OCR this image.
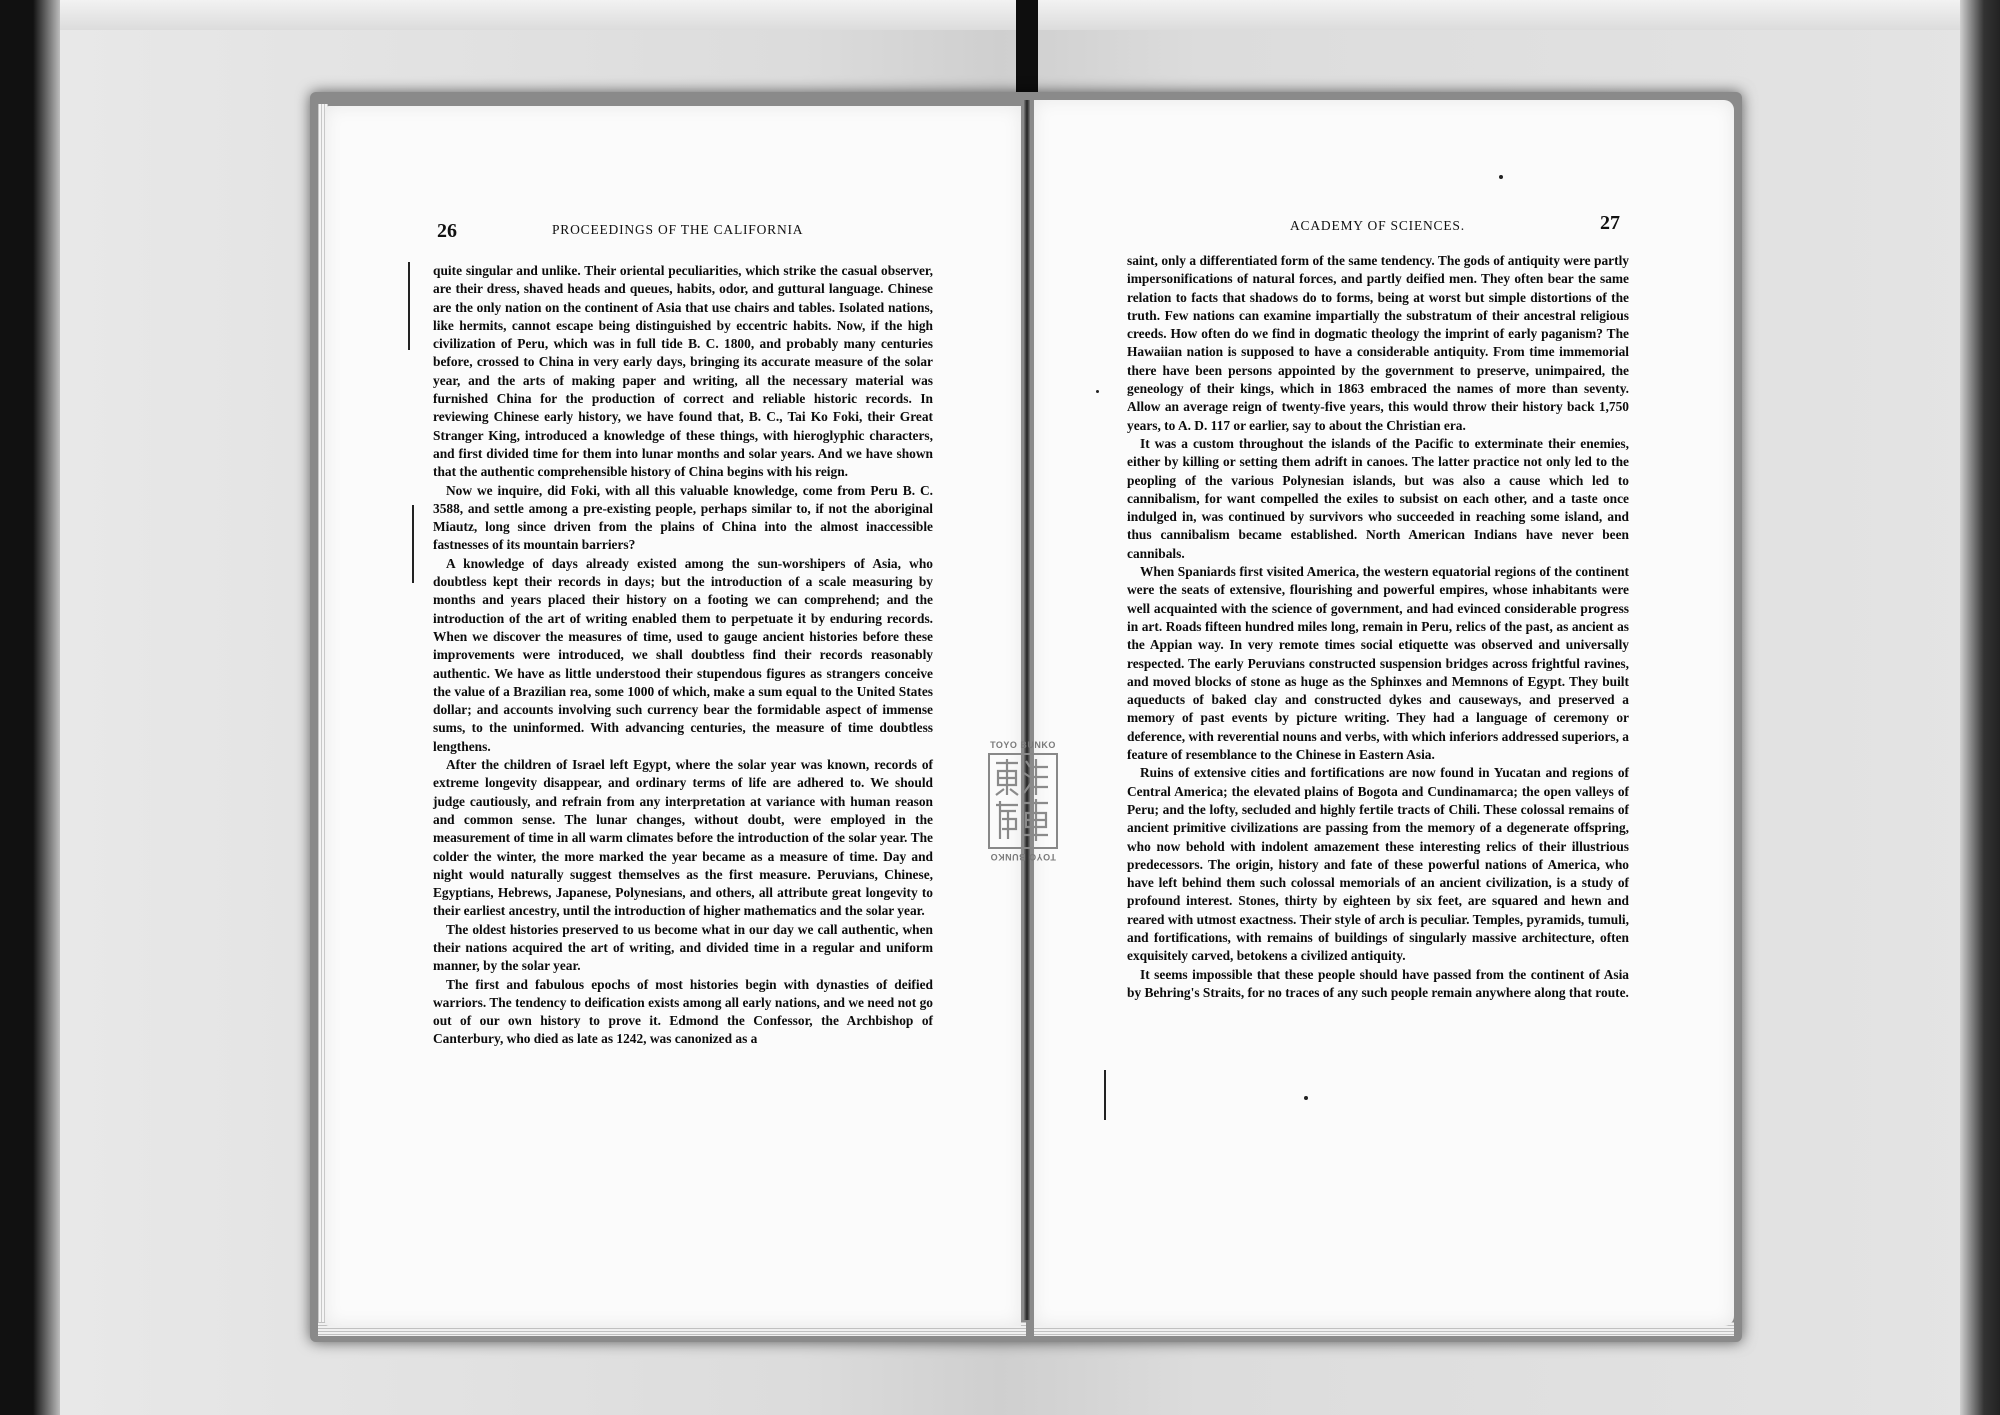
26	PROCEEDINGS OF THE CALIFORNIA	ACADEMY OF SCIENCES.	27

quite singular and unlike. Their oriental peculiarities, which strike the casual observer, are their dress, shaved heads and queues, habits, odor, and guttural language. Chinese are the only nation on the continent of Asia that use chairs and tables. Isolated nations, like hermits, cannot escape being distinguished by eccentric habits. Now, if the high civilization of Peru, which was in full tide B. C. 1800, and probably many centuries before, crossed to China in very early days, bringing its accurate measure of the solar year, and the arts of making paper and writing, all the necessary material was furnished China for the production of correct and reliable historic records. In reviewing Chinese early history, we have found that, B. C., Tai Ko Foki, their Great Stranger King, introduced a knowledge of these things, with hieroglyphic characters, and first divided time for them into lunar months and solar years. And we have shown that the authentic comprehensible history of China begins with his reign.

Now we inquire, did Foki, with all this valuable knowledge, come from Peru B. C. 3588, and settle among a pre-existing people, perhaps similar to, if not the aboriginal Miautz, long since driven from the plains of China into the almost inaccessible fastnesses of its mountain barriers?

A knowledge of days already existed among the sun-worshipers of Asia, who doubtless kept their records in days; but the introduction of a scale measuring by months and years placed their history on a footing we can comprehend; and the introduction of the art of writing enabled them to perpetuate it by enduring records. When we discover the measures of time, used to gauge ancient histories before these improvements were introduced, we shall doubtless find their records reasonably authentic. We have as little understood their stupendous figures as strangers conceive the value of a Brazilian rea, some 1000 of which, make a sum equal to the United States dollar; and accounts involving such currency bear the formidable aspect of immense sums, to the uninformed. With advancing centuries, the measure of time doubtless lengthens.

After the children of Israel left Egypt, where the solar year was known, records of extreme longevity disappear, and ordinary terms of life are adhered to. We should judge cautiously, and refrain from any interpretation at variance with human reason and common sense. The lunar changes, without doubt, were employed in the measurement of time in all warm climates before the introduction of the solar year. The colder the winter, the more marked the year became as a measure of time. Day and night would naturally suggest themselves as the first measure. Peruvians, Chinese, Egyptians, Hebrews, Japanese, Polynesians, and others, all attribute great longevity to their earliest ancestry, until the introduction of higher mathematics and the solar year.

The oldest histories preserved to us become what in our day we call authentic, when their nations acquired the art of writing, and divided time in a regular and uniform manner, by the solar year.

The first and fabulous epochs of most histories begin with dynasties of deified warriors. The tendency to deification exists among all early nations, and we need not go out of our own history to prove it. Edmond the Confessor, the Archbishop of Canterbury, who died as late as 1242, was canonized as a

saint, only a differentiated form of the same tendency. The gods of antiquity were partly impersonifications of natural forces, and partly deified men. They often bear the same relation to facts that shadows do to forms, being at worst but simple distortions of the truth. Few nations can examine impartially the substratum of their ancestral religious creeds. How often do we find in dogmatic theology the imprint of early paganism? The Hawaiian nation is supposed to have a considerable antiquity. From time immemorial there have been persons appointed by the government to preserve, unimpaired, the geneology of their kings, which in 1863 embraced the names of more than seventy. Allow an average reign of twenty-five years, this would throw their history back 1,750 years, to A. D. 117 or earlier, say to about the Christian era.

It was a custom throughout the islands of the Pacific to exterminate their enemies, either by killing or setting them adrift in canoes. The latter practice not only led to the peopling of the various Polynesian islands, but was also a cause which led to cannibalism, for want compelled the exiles to subsist on each other, and a taste once indulged in, was continued by survivors who succeeded in reaching some island, and thus cannibalism became established. North American Indians have never been cannibals.

When Spaniards first visited America, the western equatorial regions of the continent were the seats of extensive, flourishing and powerful empires, whose inhabitants were well acquainted with the science of government, and had evinced considerable progress in art. Roads fifteen hundred miles long, remain in Peru, relics of the past, as ancient as the Appian way. In very remote times social etiquette was observed and universally respected. The early Peruvians constructed suspension bridges across frightful ravines, and moved blocks of stone as huge as the Sphinxes and Memnons of Egypt. They built aqueducts of baked clay and constructed dykes and causeways, and preserved a memory of past events by picture writing. They had a language of ceremony or deference, with reverential nouns and verbs, with which inferiors addressed superiors, a feature of resemblance to the Chinese in Eastern Asia.

Ruins of extensive cities and fortifications are now found in Yucatan and regions of Central America; the elevated plains of Bogota and Cundinamarca; the open valleys of Peru; and the lofty, secluded and highly fertile tracts of Chili. These colossal remains of ancient primitive civilizations are passing from the memory of a degenerate offspring, who now behold with indolent amazement these interesting relics of their illustrious predecessors. The origin, history and fate of these powerful nations of America, who have left behind them such colossal memorials of an ancient civilization, is a study of profound interest. Stones, thirty by eighteen by six feet, are squared and hewn and reared with utmost exactness. Their style of arch is peculiar. Temples, pyramids, tumuli, and fortifications, with remains of buildings of singularly massive architecture, often exquisitely carved, betokens a civilized antiquity.

It seems impossible that these people should have passed from the continent of Asia by Behring's Straits, for no traces of any such people remain anywhere along that route.

TOYO BUNKO
TOYO BUNKO
